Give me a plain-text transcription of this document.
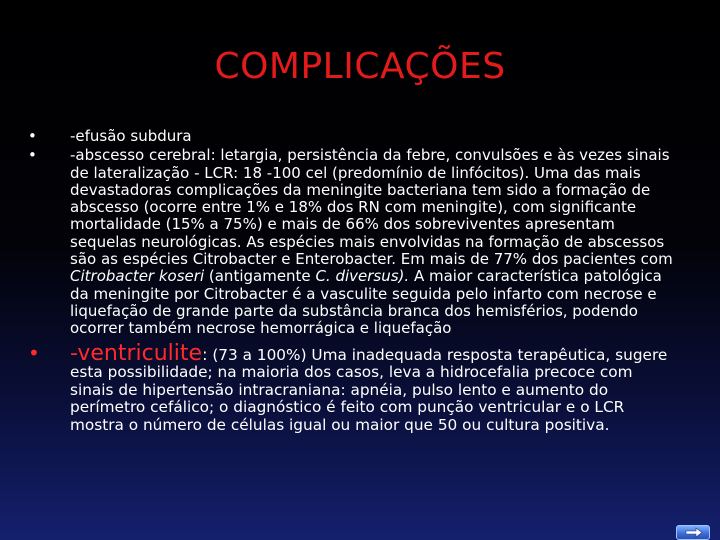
COMPLICAÇÕES
•	-efusão subdura
•	-abscesso cerebral: letargia, persistência da febre, convulsões e às vezes sinais de lateralização - LCR: 18 -100 cel (predomínio de linfócitos). Uma das mais devastadoras complicações da meningite bacteriana tem sido a formação de abscesso (ocorre entre 1% e 18% dos RN com meningite), com significante mortalidade (15% a 75%) e mais de 66% dos sobreviventes apresentam sequelas neurológicas. As espécies mais envolvidas na formação de abscessos são as espécies Citrobacter e Enterobacter. Em mais de 77% dos pacientes com Citrobacter koseri (antigamente C. diversus). A maior característica patológica da meningite por Citrobacter é a vasculite seguida pelo infarto com necrose e liquefação de grande parte da substância branca dos hemisférios, podendo ocorrer também necrose hemorrágica e liquefação
•	-ventriculite: (73 a 100%) Uma inadequada resposta terapêutica, sugere esta possibilidade; na maioria dos casos, leva a hidrocefalia precoce com sinais de hipertensão intracraniana: apnéia, pulso lento e aumento do perímetro cefálico; o diagnóstico é feito com punção ventricular e o LCR mostra o número de células igual ou maior que 50 ou cultura positiva.
